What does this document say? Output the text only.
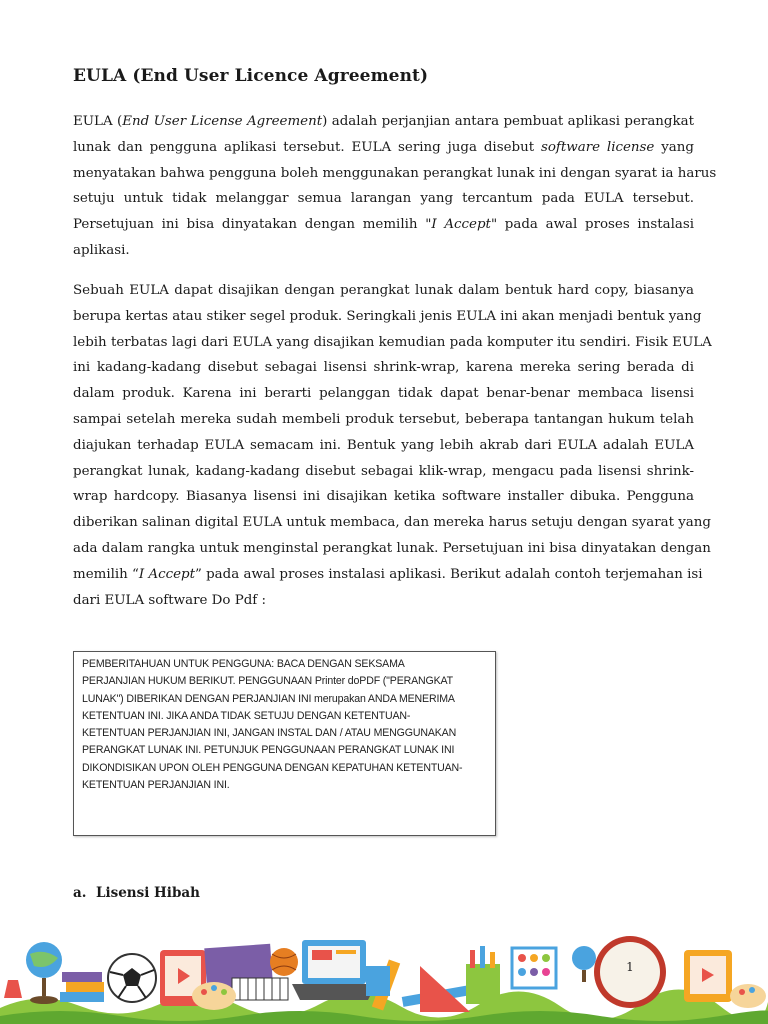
EULA (End User Licence Agreement)
EULA (End User License Agreement) adalah perjanjian antara pembuat aplikasi perangkat
lunak dan pengguna aplikasi tersebut. EULA sering juga disebut software license yang
menyatakan bahwa pengguna boleh menggunakan perangkat lunak ini dengan syarat ia harus
setuju untuk tidak melanggar semua larangan yang tercantum pada EULA tersebut.
Persetujuan ini bisa dinyatakan dengan memilih "I Accept" pada awal proses instalasi
aplikasi.
Sebuah EULA dapat disajikan dengan perangkat lunak dalam bentuk hard copy, biasanya
berupa kertas atau stiker segel produk. Seringkali jenis EULA ini akan menjadi bentuk yang
lebih terbatas lagi dari EULA yang disajikan kemudian pada komputer itu sendiri. Fisik EULA
ini kadang-kadang disebut sebagai lisensi shrink-wrap, karena mereka sering berada di
dalam produk. Karena ini berarti pelanggan tidak dapat benar-benar membaca lisensi
sampai setelah mereka sudah membeli produk tersebut, beberapa tantangan hukum telah
diajukan terhadap EULA semacam ini. Bentuk yang lebih akrab dari EULA adalah EULA
perangkat lunak, kadang-kadang disebut sebagai klik-wrap, mengacu pada lisensi shrink-
wrap hardcopy. Biasanya lisensi ini disajikan ketika software installer dibuka. Pengguna
diberikan salinan digital EULA untuk membaca, dan mereka harus setuju dengan syarat yang
ada dalam rangka untuk menginstal perangkat lunak. Persetujuan ini bisa dinyatakan dengan
memilih “I Accept” pada awal proses instalasi aplikasi. Berikut adalah contoh terjemahan isi
dari EULA software Do Pdf :
PEMBERITAHUAN UNTUK PENGGUNA: BACA DENGAN SEKSAMA
PERJANJIAN HUKUM BERIKUT. PENGGUNAAN Printer doPDF ("PERANGKAT
LUNAK") DIBERIKAN DENGAN PERJANJIAN INI merupakan ANDA MENERIMA
KETENTUAN INI. JIKA ANDA TIDAK SETUJU DENGAN KETENTUAN-
KETENTUAN PERJANJIAN INI, JANGAN INSTAL DAN / ATAU MENGGUNAKAN
PERANGKAT LUNAK INI. PETUNJUK PENGGUNAAN PERANGKAT LUNAK INI
DIKONDISIKAN UPON OLEH PENGGUNA DENGAN KEPATUHAN KETENTUAN-
KETENTUAN PERJANJIAN INI.
a. Lisensi Hibah
1
